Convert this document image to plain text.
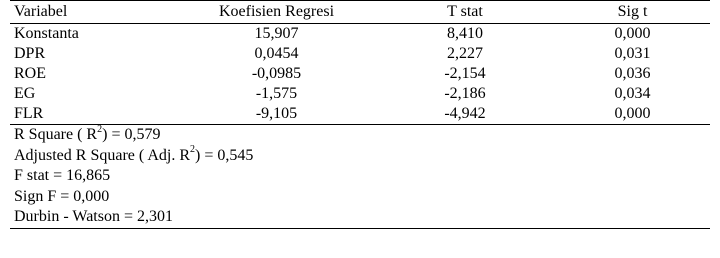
Variabel	Koefisien Regresi	T stat	Sig t
Konstanta	15,907	8,410	0,000
DPR	0,0454	2,227	0,031
ROE	-0,0985	-2,154	0,036
EG	-1,575	-2,186	0,034
FLR	-9,105	-4,942	0,000

R Square ( $R^2) = 0,579$
Adjusted R Square ( Adj. $R^2) = 0,545$
F stat = 16,865
Sign F = 0,000
Durbin - Watson = 2,301			
